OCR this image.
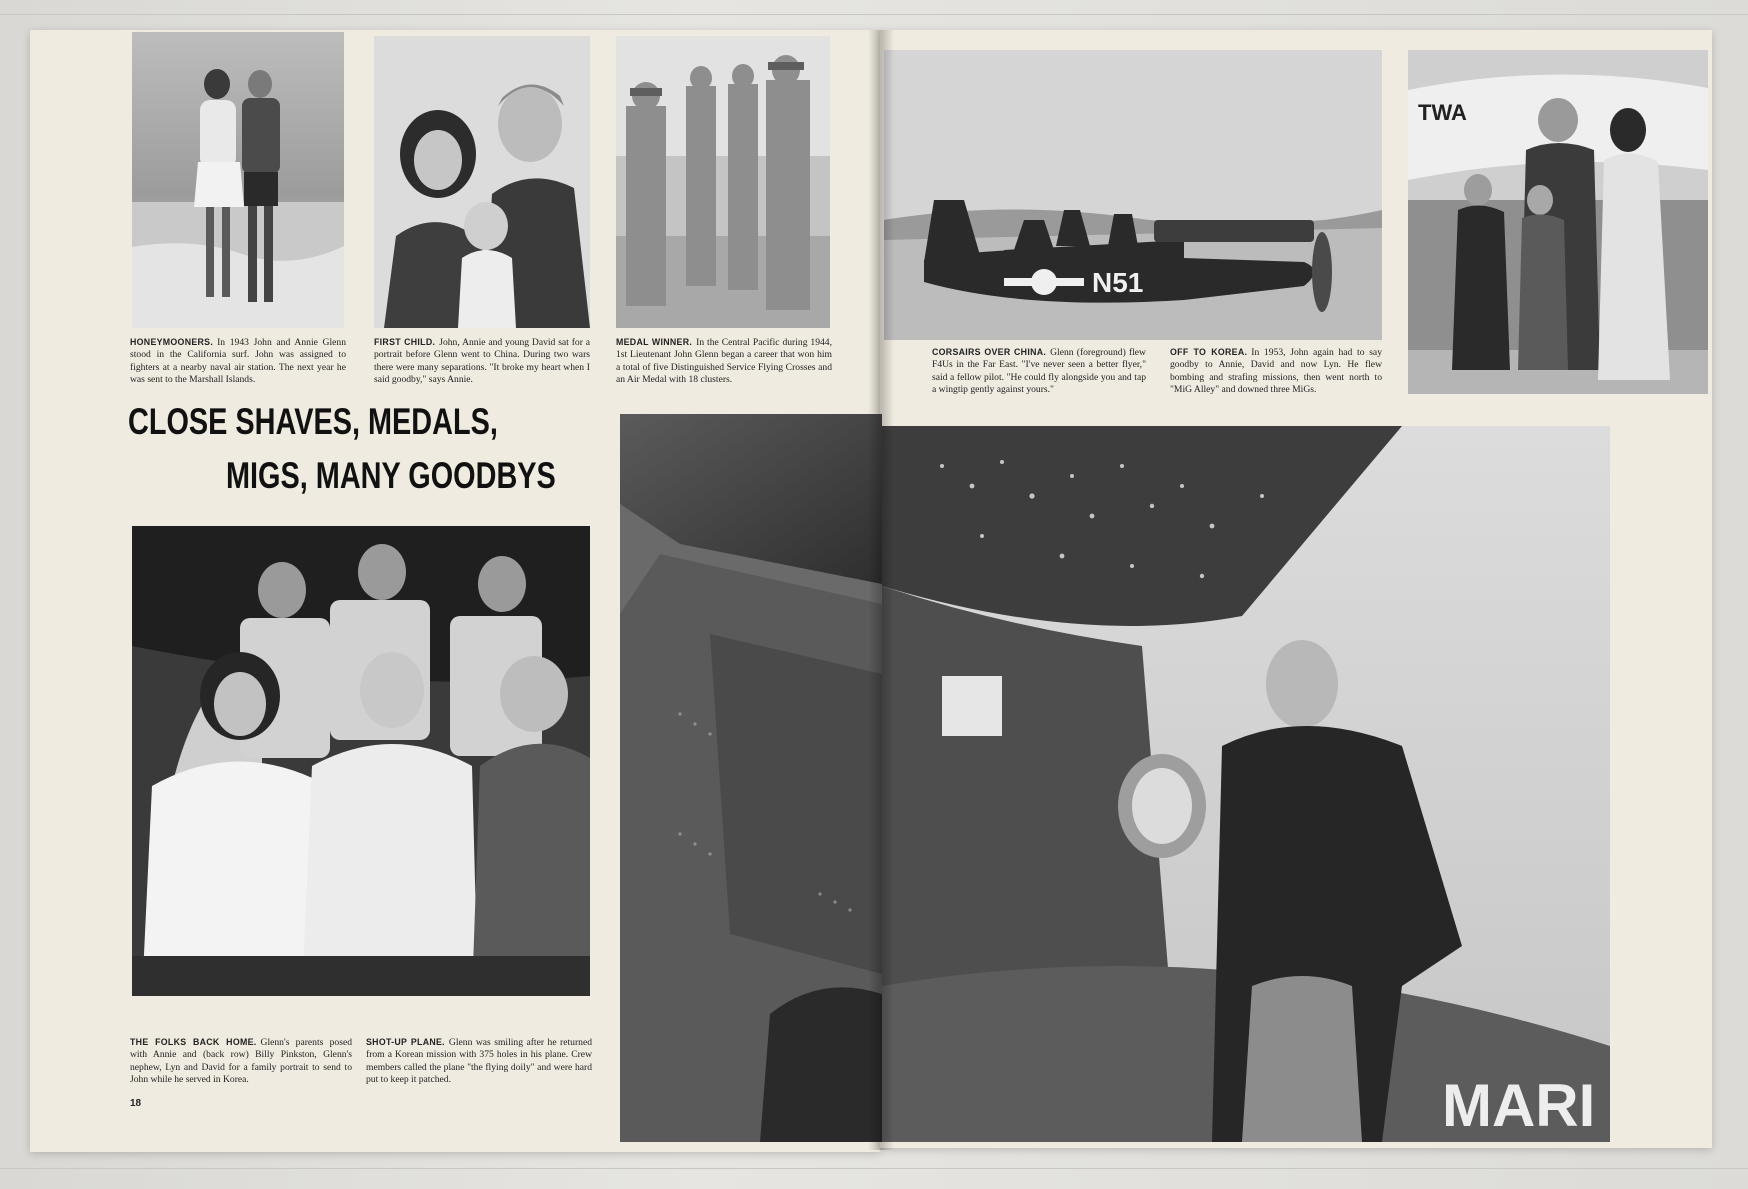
HONEYMOONERS. In 1943 John and Annie Glenn stood in the California surf. John was assigned to fighters at a nearby naval air station. The next year he was sent to the Marshall Islands.
FIRST CHILD. John, Annie and young David sat for a portrait before Glenn went to China. During two wars there were many separations. "It broke my heart when I said goodby," says Annie.
MEDAL WINNER. In the Central Pacific during 1944, 1st Lieutenant John Glenn began a career that won him a total of five Distinguished Service Flying Crosses and an Air Medal with 18 clusters.
CLOSE SHAVES, MEDALS,
MIGS, MANY GOODBYS
THE FOLKS BACK HOME. Glenn's parents posed with Annie and (back row) Billy Pinkston, Glenn's nephew, Lyn and David for a family portrait to send to John while he served in Korea.
SHOT-UP PLANE. Glenn was smiling after he returned from a Korean mission with 375 holes in his plane. Crew members called the plane "the flying doily" and were hard put to keep it patched.
18
N51
CORSAIRS OVER CHINA. Glenn (foreground) flew F4Us in the Far East. "I've never seen a better flyer," said a fellow pilot. "He could fly alongside you and tap a wingtip gently against yours."
OFF TO KOREA. In 1953, John again had to say goodby to Annie, David and now Lyn. He flew bombing and strafing missions, then went north to "MiG Alley" and downed three MiGs.
TWA
MARI
